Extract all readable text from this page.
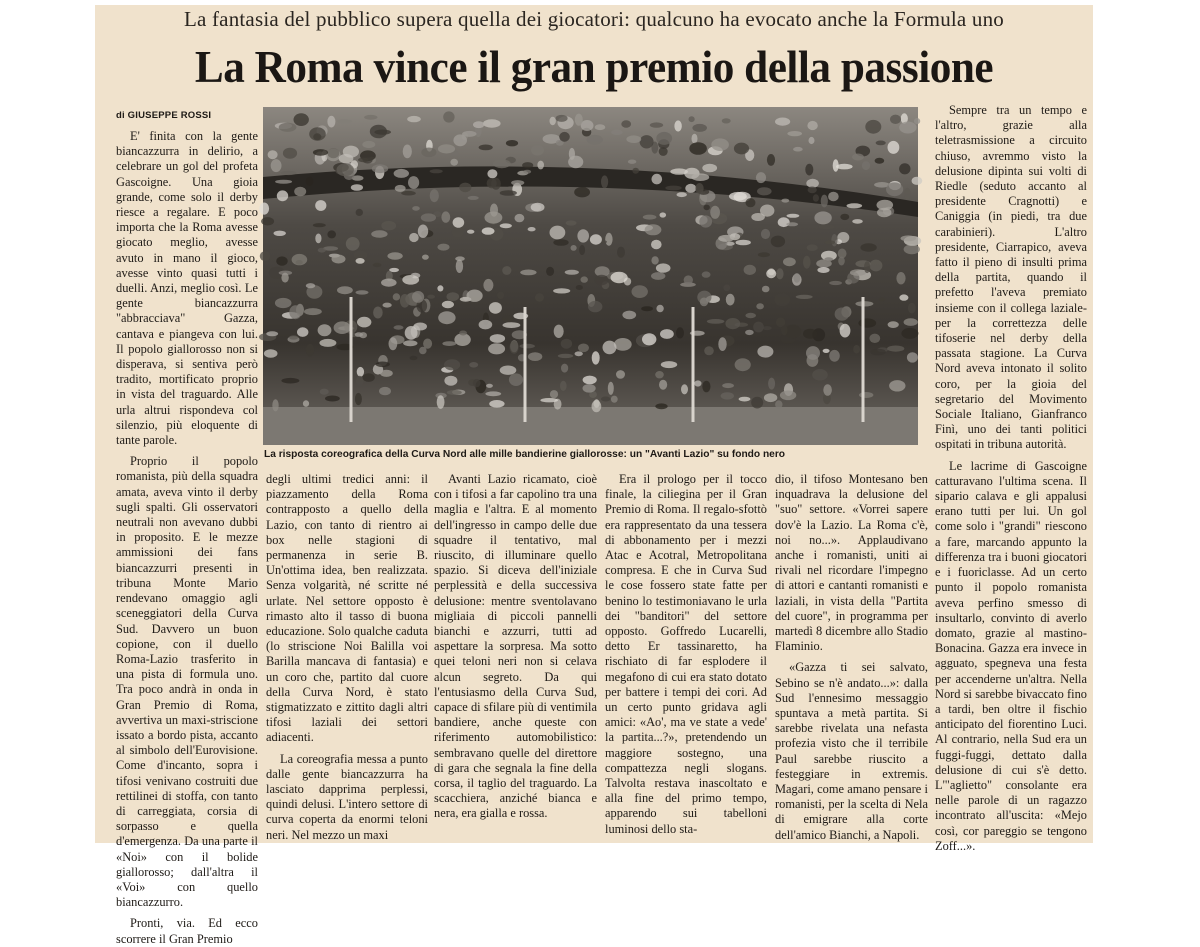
La fantasia del pubblico supera quella dei giocatori: qualcuno ha evocato anche la Formula uno
La Roma vince il gran premio della passione
di GIUSEPPE ROSSI
La risposta coreografica della Curva Nord alle mille bandierine giallorosse: un "Avanti Lazio" su fondo nero

E' finita con la gente biancazzurra in delirio, a celebrare un gol del profeta Gascoigne. Una gioia grande, come solo il derby riesce a regalare. E poco importa che la Roma avesse giocato meglio, avesse avuto in mano il gioco, avesse vinto quasi tutti i duelli. Anzi, meglio così. Le gente biancazzurra "abbracciava" Gazza, cantava e piangeva con lui. Il popolo giallorosso non si disperava, si sentiva però tradito, mortificato proprio in vista del traguardo. Alle urla altrui rispondeva col silenzio, più eloquente di tante parole.

Proprio il popolo romanista, più della squadra amata, aveva vinto il derby sugli spalti. Gli osservatori neutrali non avevano dubbi in proposito. E le mezze ammissioni dei fans biancazzurri presenti in tribuna Monte Mario rendevano omaggio agli sceneggiatori della Curva Sud. Davvero un buon copione, con il duello Roma-Lazio trasferito in una pista di formula uno. Tra poco andrà in onda in Gran Premio di Roma, avvertiva un maxi-striscione issato a bordo pista, accanto al simbolo dell'Eurovisione. Come d'incanto, sopra i tifosi venivano costruiti due rettilinei di stoffa, con tanto di carreggiata, corsia di sorpasso e quella d'emergenza. Da una parte il «Noi» con il bolide giallorosso; dall'altra il «Voi» con quello biancazzurro.

Pronti, via. Ed ecco scorrere il Gran Premio

degli ultimi tredici anni: il piazzamento della Roma contrapposto a quello della Lazio, con tanto di rientro ai box nelle stagioni di permanenza in serie B. Un'ottima idea, ben realizzata. Senza volgarità, né scritte né urlate. Nel settore opposto è rimasto alto il tasso di buona educazione. Solo qualche caduta (lo striscione Noi Balilla voi Barilla mancava di fantasia) e un coro che, partito dal cuore della Curva Nord, è stato stigmatizzato e zittito dagli altri tifosi laziali dei settori adiacenti.

La coreografia messa a punto dalle gente biancazzurra ha lasciato dapprima perplessi, quindi delusi. L'intero settore di curva coperta da enormi teloni neri. Nel mezzo un maxi

Avanti Lazio ricamato, cioè con i tifosi a far capolino tra una maglia e l'altra. E al momento dell'ingresso in campo delle due squadre il tentativo, mal riuscito, di illuminare quello spazio. Si diceva dell'iniziale perplessità e della successiva delusione: mentre sventolavano migliaia di piccoli pannelli bianchi e azzurri, tutti ad aspettare la sorpresa. Ma sotto quei teloni neri non si celava alcun segreto. Da qui l'entusiasmo della Curva Sud, capace di sfilare più di ventimila bandiere, anche queste con riferimento automobilistico: sembravano quelle del direttore di gara che segnala la fine della corsa, il taglio del traguardo. La scacchiera, anziché bianca e nera, era gialla e rossa.

Era il prologo per il tocco finale, la ciliegina per il Gran Premio di Roma. Il regalo-sfottò era rappresentato da una tessera di abbonamento per i mezzi Atac e Acotral, Metropolitana compresa. E che in Curva Sud le cose fossero state fatte per benino lo testimoniavano le urla dei "banditori" del settore opposto. Goffredo Lucarelli, detto Er tassinaretto, ha rischiato di far esplodere il megafono di cui era stato dotato per battere i tempi dei cori. Ad un certo punto gridava agli amici: «Ao', ma ve state a vede' la partita...?», pretendendo un maggiore sostegno, una compattezza negli slogans. Talvolta restava inascoltato e alla fine del primo tempo, apparendo sui tabelloni luminosi dello sta-

dio, il tifoso Montesano ben inquadrava la delusione del "suo" settore. «Vorrei sapere dov'è la Lazio. La Roma c'è, noi no...». Applaudivano anche i romanisti, uniti ai rivali nel ricordare l'impegno di attori e cantanti romanisti e laziali, in vista della "Partita del cuore", in programma per martedì 8 dicembre allo Stadio Flaminio.

«Gazza ti sei salvato, Sebino se n'è andato...»: dalla Sud l'ennesimo messaggio spuntava a metà partita. Si sarebbe rivelata una nefasta profezia visto che il terribile Paul sarebbe riuscito a festeggiare in extremis. Magari, come amano pensare i romanisti, per la scelta di Nela di emigrare alla corte dell'amico Bianchi, a Napoli.

Sempre tra un tempo e l'altro, grazie alla teletrasmissione a circuito chiuso, avremmo visto la delusione dipinta sui volti di Riedle (seduto accanto al presidente Cragnotti) e Caniggia (in piedi, tra due carabinieri). L'altro presidente, Ciarrapico, aveva fatto il pieno di insulti prima della partita, quando il prefetto l'aveva premiato insieme con il collega laziale-per la correttezza delle tifoserie nel derby della passata stagione. La Curva Nord aveva intonato il solito coro, per la gioia del segretario del Movimento Sociale Italiano, Gianfranco Finì, uno dei tanti politici ospitati in tribuna autorità.

Le lacrime di Gascoigne catturavano l'ultima scena. Il sipario calava e gli appalusi erano tutti per lui. Un gol come solo i "grandi" riescono a fare, marcando appunto la differenza tra i buoni giocatori e i fuoriclasse. Ad un certo punto il popolo romanista aveva perfino smesso di insultarlo, convinto di averlo domato, grazie al mastino-Bonacina. Gazza era invece in agguato, spegneva una festa per accenderne un'altra. Nella Nord si sarebbe bivaccato fino a tardi, ben oltre il fischio anticipato del fiorentino Luci. Al contrario, nella Sud era un fuggi-fuggi, dettato dalla delusione di cui s'è detto. L'"aglietto" consolante era nelle parole di un ragazzo incontrato all'uscita: «Mejo così, cor pareggio se tengono Zoff...».
